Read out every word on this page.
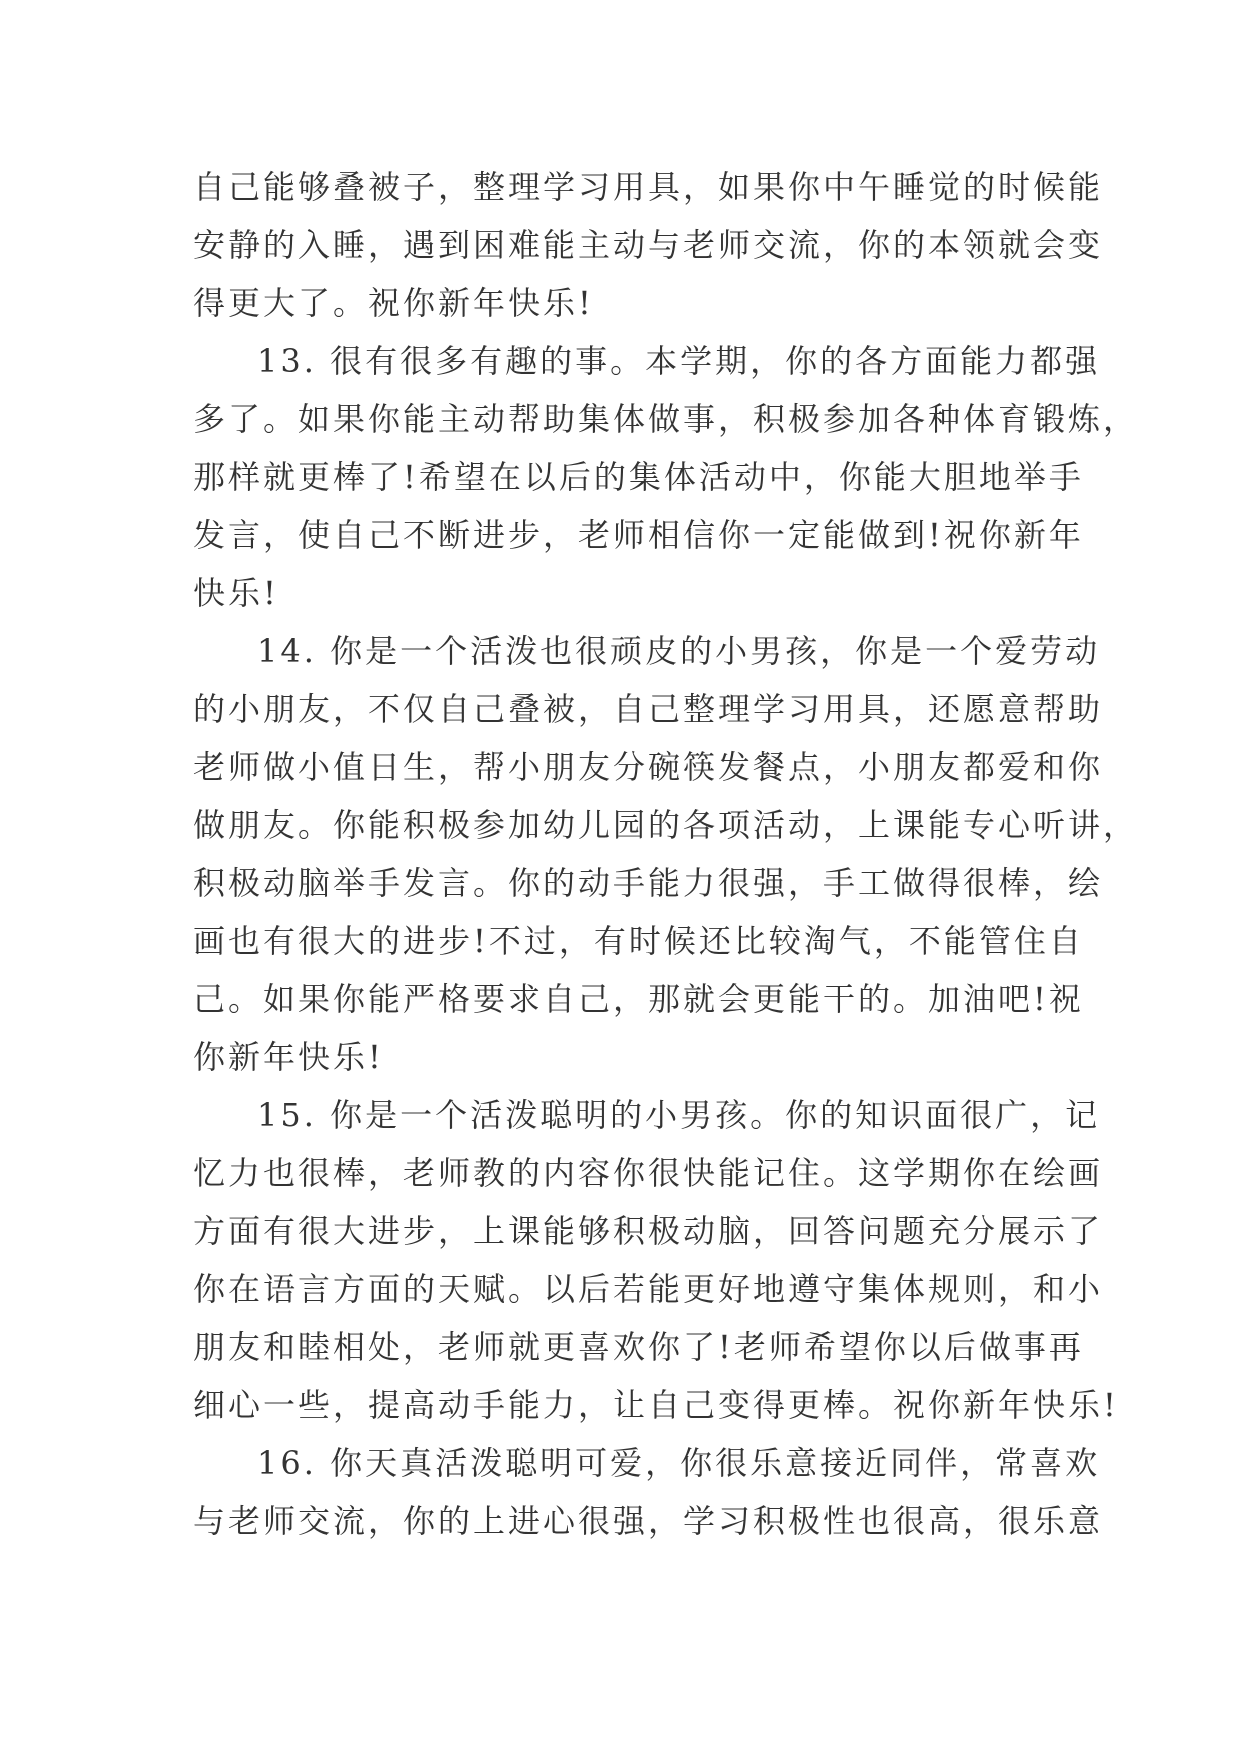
自己能够叠被子，整理学习用具，如果你中午睡觉的时候能
安静的入睡，遇到困难能主动与老师交流，你的本领就会变
得更大了。祝你新年快乐!
13. 很有很多有趣的事。本学期，你的各方面能力都强
多了。如果你能主动帮助集体做事，积极参加各种体育锻炼，
那样就更棒了!希望在以后的集体活动中，你能大胆地举手
发言，使自己不断进步，老师相信你一定能做到!祝你新年
快乐!
14. 你是一个活泼也很顽皮的小男孩，你是一个爱劳动
的小朋友，不仅自己叠被，自己整理学习用具，还愿意帮助
老师做小值日生，帮小朋友分碗筷发餐点，小朋友都爱和你
做朋友。你能积极参加幼儿园的各项活动，上课能专心听讲，
积极动脑举手发言。你的动手能力很强，手工做得很棒，绘
画也有很大的进步!不过，有时候还比较淘气，不能管住自
己。如果你能严格要求自己，那就会更能干的。加油吧!祝
你新年快乐!
15. 你是一个活泼聪明的小男孩。你的知识面很广，记
忆力也很棒，老师教的内容你很快能记住。这学期你在绘画
方面有很大进步，上课能够积极动脑，回答问题充分展示了
你在语言方面的天赋。以后若能更好地遵守集体规则，和小
朋友和睦相处，老师就更喜欢你了!老师希望你以后做事再
细心一些，提高动手能力，让自己变得更棒。祝你新年快乐!
16. 你天真活泼聪明可爱，你很乐意接近同伴，常喜欢
与老师交流，你的上进心很强，学习积极性也很高，很乐意
